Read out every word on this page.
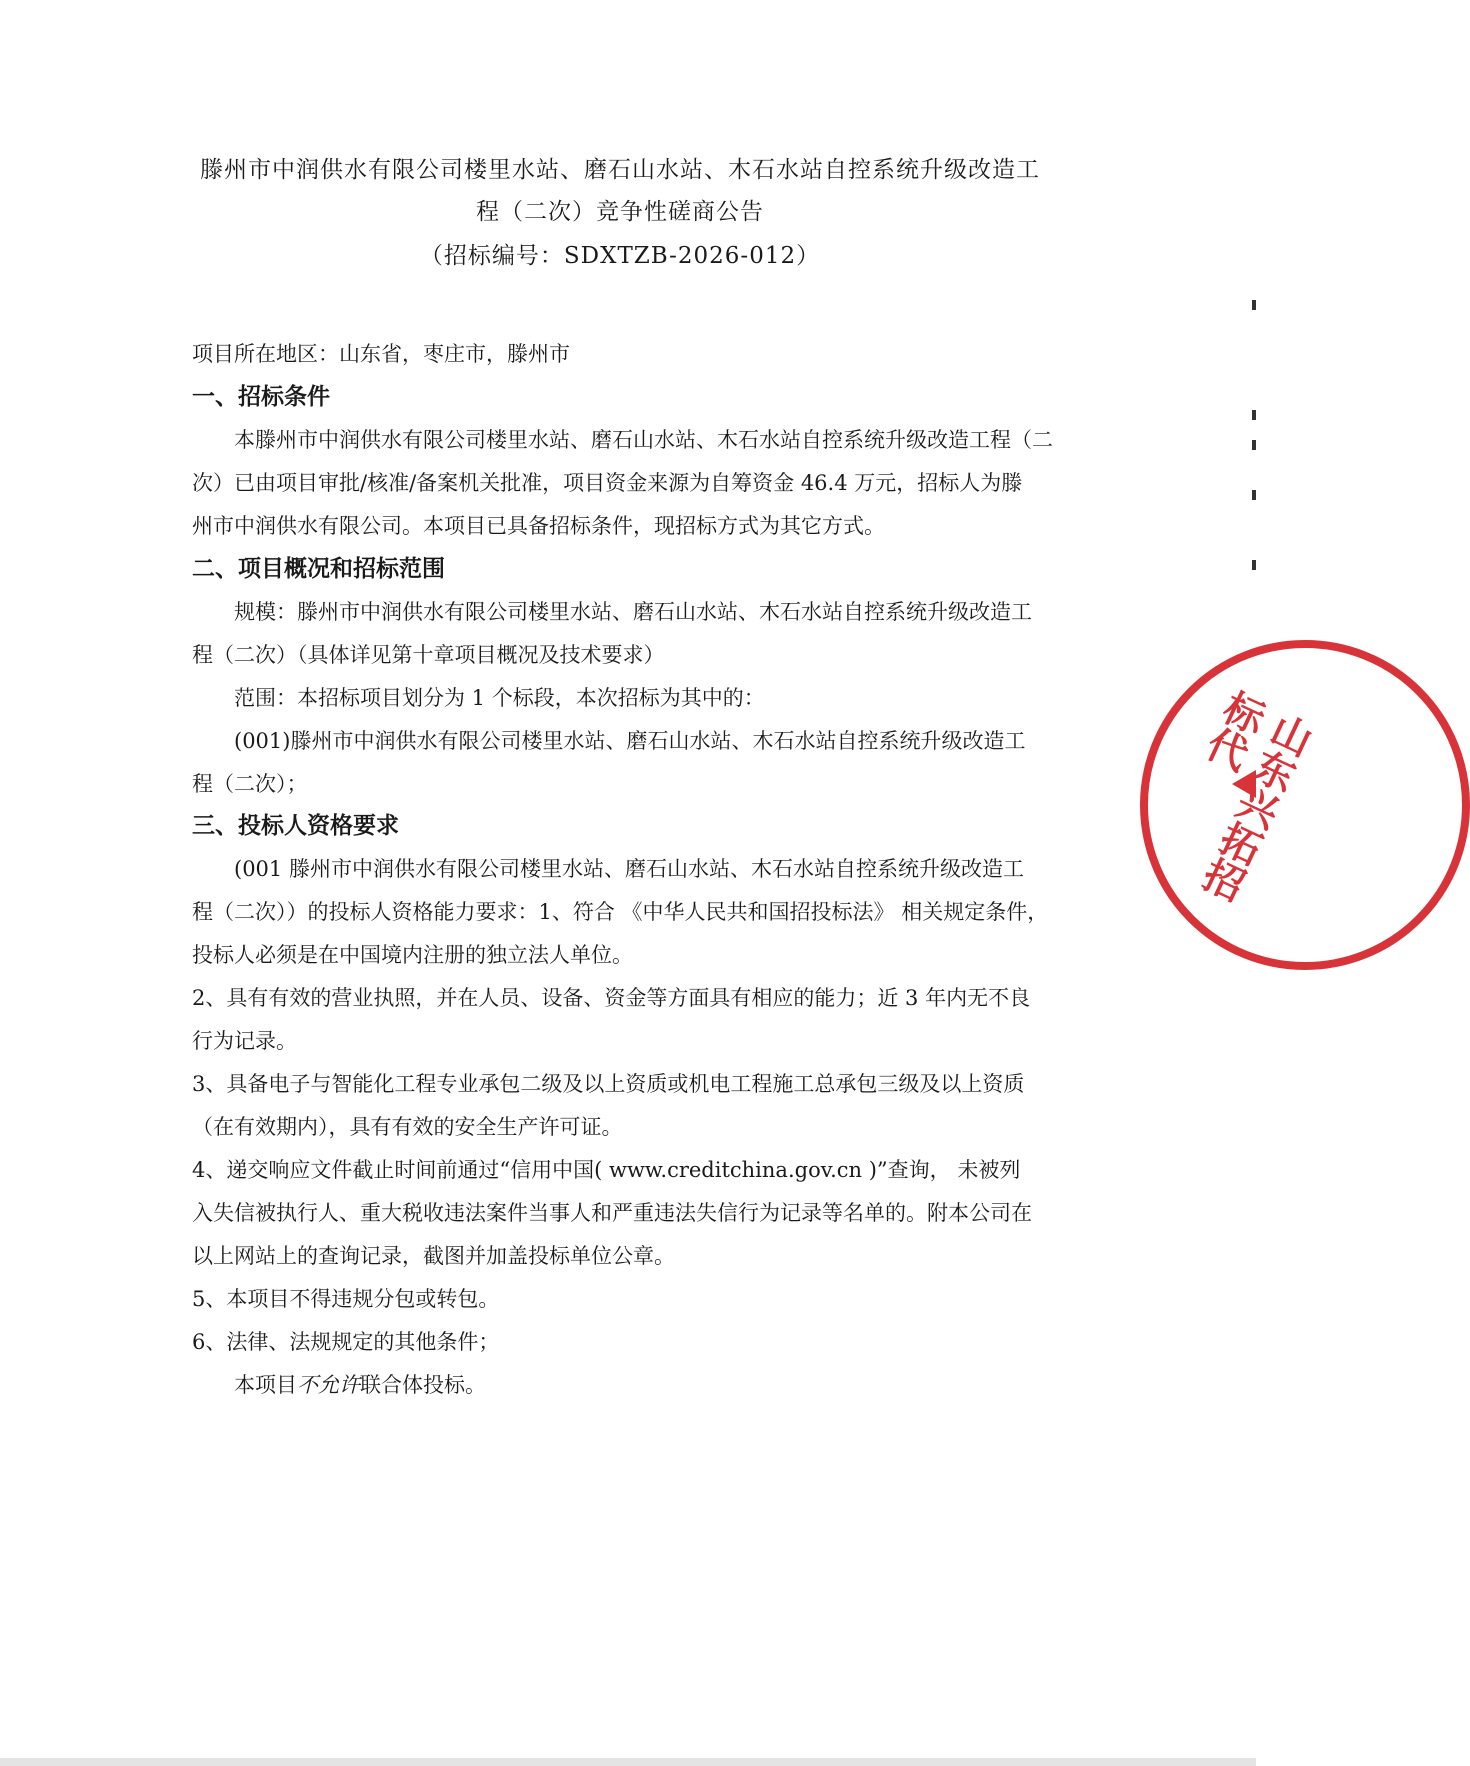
滕州市中润供水有限公司楼里水站、磨石山水站、木石水站自控系统升级改造工
程（二次）竞争性磋商公告
（招标编号：SDXTZB-2026-012）
项目所在地区：山东省，枣庄市，滕州市
一、招标条件
本滕州市中润供水有限公司楼里水站、磨石山水站、木石水站自控系统升级改造工程（二
次）已由项目审批/核准/备案机关批准，项目资金来源为自筹资金 46.4 万元，招标人为滕
州市中润供水有限公司。本项目已具备招标条件，现招标方式为其它方式。
二、项目概况和招标范围
规模：滕州市中润供水有限公司楼里水站、磨石山水站、木石水站自控系统升级改造工
程（二次）（具体详见第十章项目概况及技术要求）
范围：本招标项目划分为 1 个标段，本次招标为其中的：
(001)滕州市中润供水有限公司楼里水站、磨石山水站、木石水站自控系统升级改造工
程（二次）；
三、投标人资格要求
(001 滕州市中润供水有限公司楼里水站、磨石山水站、木石水站自控系统升级改造工
程（二次））的投标人资格能力要求：1、符合 《中华人民共和国招投标法》 相关规定条件，
投标人必须是在中国境内注册的独立法人单位。
2、具有有效的营业执照，并在人员、设备、资金等方面具有相应的能力；近 3 年内无不良
行为记录。
3、具备电子与智能化工程专业承包二级及以上资质或机电工程施工总承包三级及以上资质
（在有效期内），具有有效的安全生产许可证。
4、递交响应文件截止时间前通过“信用中国( www.creditchina.gov.cn )”查询， 未被列
入失信被执行人、重大税收违法案件当事人和严重违法失信行为记录等名单的。附本公司在
以上网站上的查询记录，截图并加盖投标单位公章。
5、本项目不得违规分包或转包。
6、法律、法规规定的其他条件；
本项目不允许联合体投标。
山东兴拓招标代
